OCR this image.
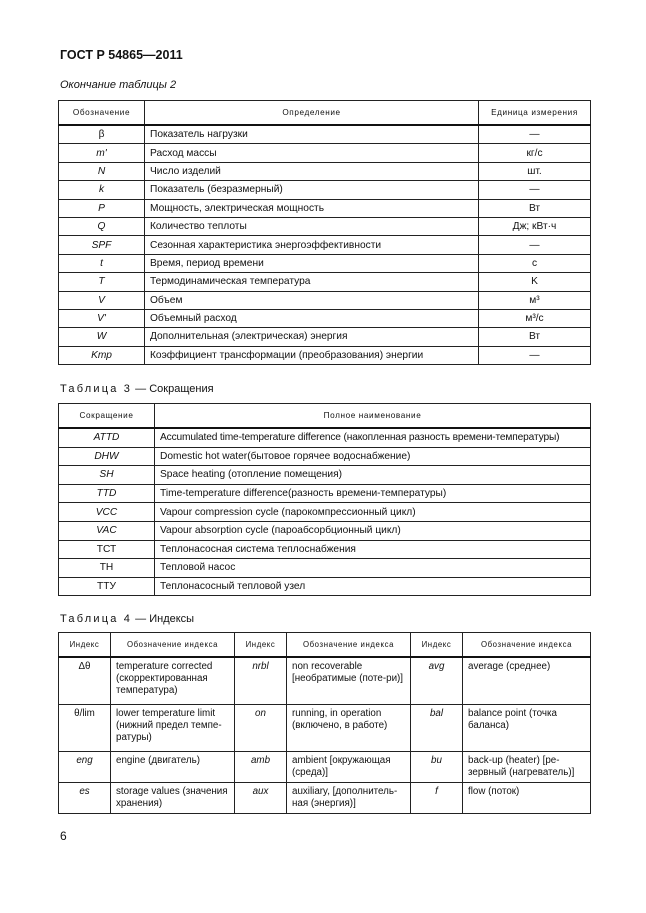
ГОСТ Р 54865—2011
Окончание таблицы 2
Обозначение	Определение	Единица измерения
β	Показатель нагрузки	—
m'	Расход массы	кг/с
N	Число изделий	шт.
k	Показатель (безразмерный)	—
P	Мощность, электрическая мощность	Вт
Q	Количество теплоты	Дж; кВт·ч
SPF	Сезонная характеристика энергоэффективности	—
t	Время, период времени	с
T	Термодинамическая температура	K
V	Объем	м³
V'	Объемный расход	м³/с
W	Дополнительная (электрическая) энергия	Вт
Kтр	Коэффициент трансформации (преобразования) энергии	—
Таблица 3 — Сокращения
Сокращение	Полное наименование
ATTD	Accumulated time-temperature difference (накопленная разность времени-температуры)
DHW	Domestic hot water(бытовое горячее водоснабжение)
SH	Space heating (отопление помещения)
TTD	Time-temperature difference(разность времени-температуры)
VCC	Vapour compression cycle (парокомпрессионный цикл)
VAC	Vapour absorption cycle (пароабсорбционный цикл)
ТСТ	Теплонасосная система теплоснабжения
ТН	Тепловой насос
ТТУ	Теплонасосный тепловой узел
Таблица 4 — Индексы
Индекс	Обозначение индекса	Индекс	Обозначение индекса	Индекс	Обозначение индекса
Δθ	temperature corrected (скорректированная температура)	nrbl	non recoverable [необратимые (поте-ри)]	avg	average (среднее)
θ/lim	lower temperature limit (нижний предел темпе-ратуры)	on	running, in operation (включено, в работе)	bal	balance point (точка баланса)
eng	engine (двигатель)	amb	ambient [окружающая (среда)]	bu	back-up (heater) [ре-зервный (нагреватель)]
es	storage values (значения хранения)	aux	auxiliary, [дополнитель-ная (энергия)]	f	flow (поток)
6
